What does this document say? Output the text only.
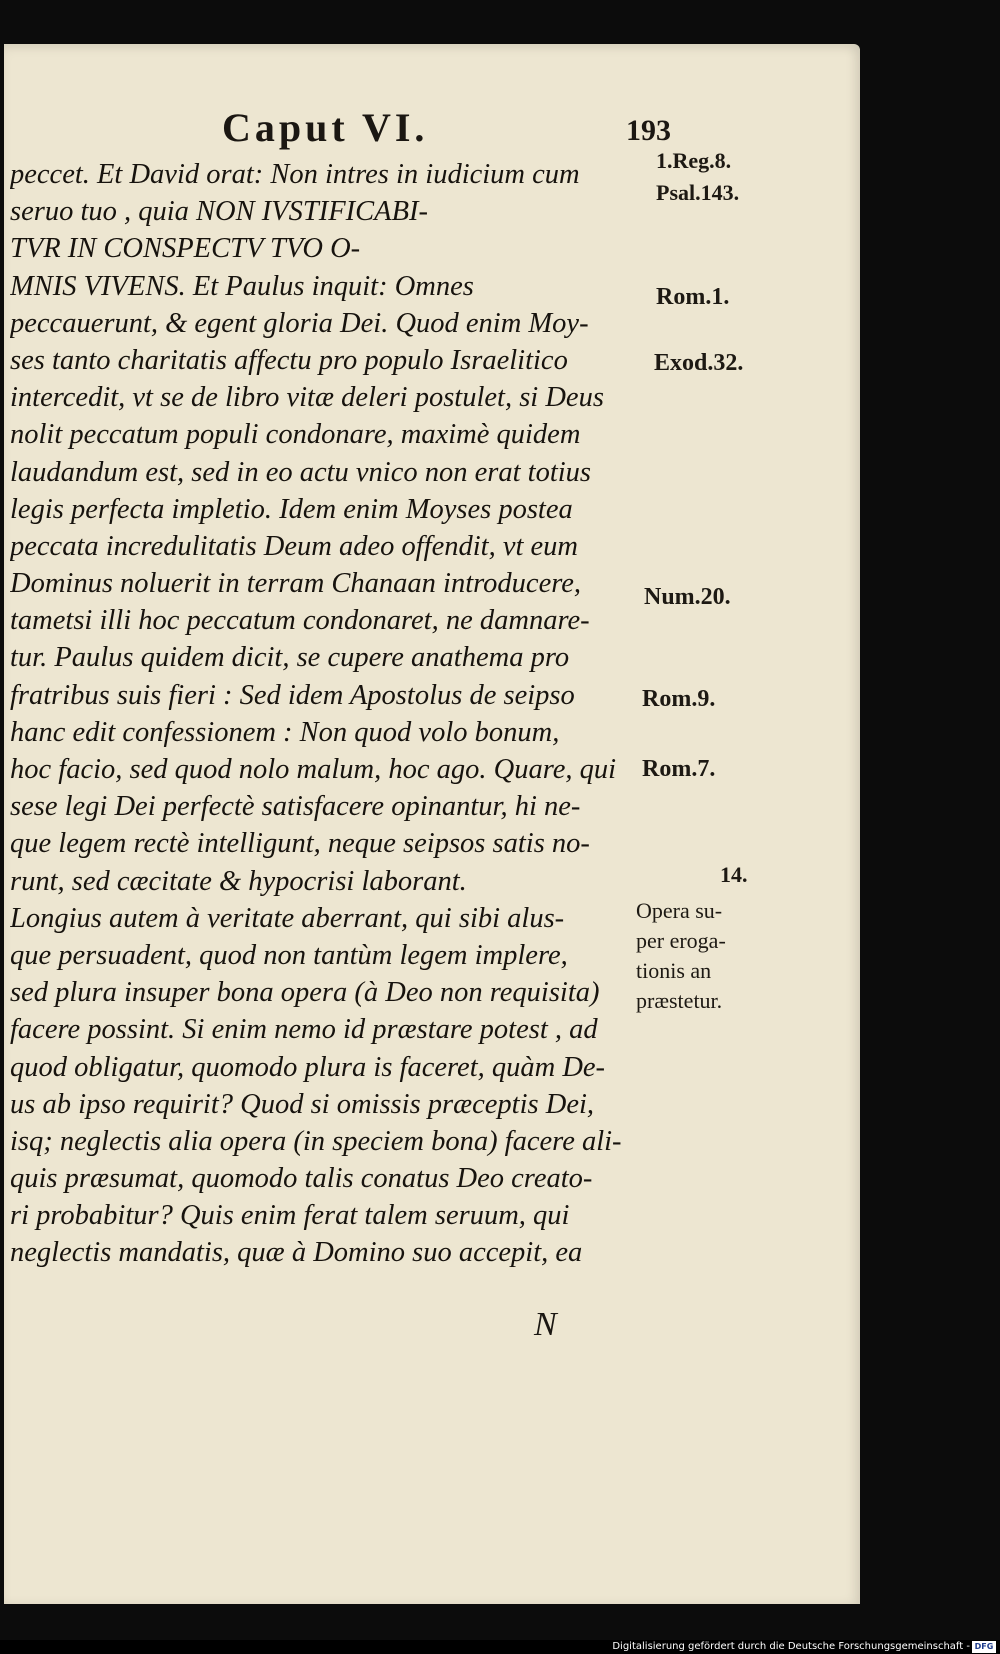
Caput VI.	193
peccet. Et David orat: Non intres in iudicium cum
seruo tuo , quia NON IVSTIFICABI-
TVR IN CONSPECTV TVO O-
MNIS VIVENS. Et Paulus inquit: Omnes
peccauerunt, & egent gloria Dei. Quod enim Moy-
ses tanto charitatis affectu pro populo Israelitico
intercedit, vt se de libro vitæ deleri postulet, si Deus
nolit peccatum populi condonare, maximè quidem
laudandum est, sed in eo actu vnico non erat totius
legis perfecta impletio. Idem enim Moyses postea
peccata incredulitatis Deum adeo offendit, vt eum
Dominus noluerit in terram Chanaan introducere,
tametsi illi hoc peccatum condonaret, ne damnare-
tur. Paulus quidem dicit, se cupere anathema pro
fratribus suis fieri : Sed idem Apostolus de seipso
hanc edit confessionem : Non quod volo bonum,
hoc facio, sed quod nolo malum, hoc ago. Quare, qui
sese legi Dei perfectè satisfacere opinantur, hi ne-
que legem rectè intelligunt, neque seipsos satis no-
runt, sed cæcitate & hypocrisi laborant.
Longius autem à veritate aberrant, qui sibi alus-
que persuadent, quod non tantùm legem implere,
sed plura insuper bona opera (à Deo non requisita)
facere possint. Si enim nemo id præstare potest , ad
quod obligatur, quomodo plura is faceret, quàm De-
us ab ipso requirit? Quod si omissis præceptis Dei,
isq; neglectis alia opera (in speciem bona) facere ali-
quis præsumat, quomodo talis conatus Deo creato-
ri probabitur? Quis enim ferat talem seruum, qui
neglectis mandatis, quæ à Domino suo accepit, ea
1.Reg.8.
Psal.143.
Rom.1.
Exod.32.
Num.20.
Rom.9.
Rom.7.
14.
Opera su-
per eroga-
tionis an
præstetur.
N
Digitalisierung gefördert durch die Deutsche Forschungsgemeinschaft - DFG
